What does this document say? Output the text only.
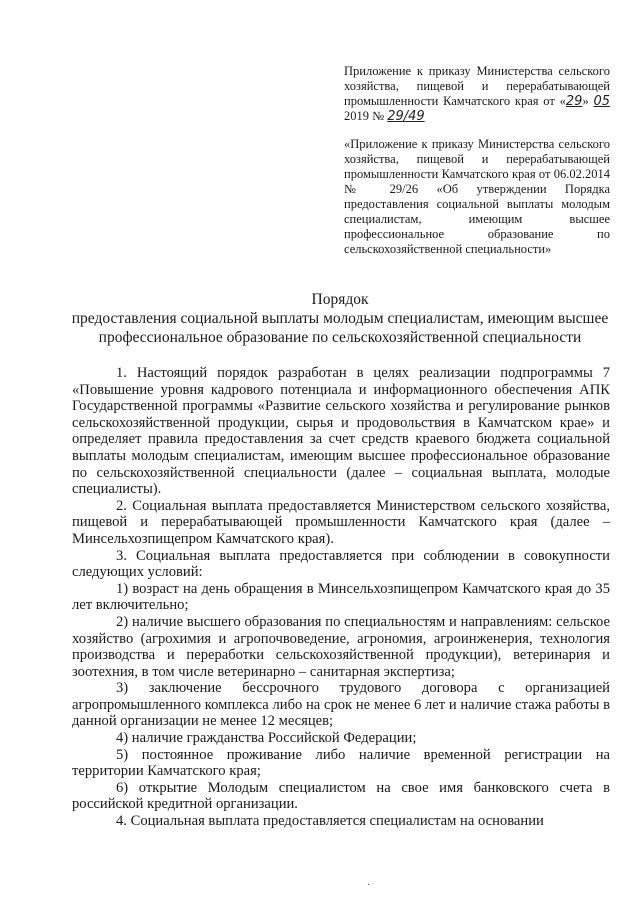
Приложение к приказу Министерства сельского хозяйства, пищевой и перерабатывающей промышленности Камчатского края от «29» 05 2019 № 29/49

«Приложение к приказу Министерства сельского хозяйства, пищевой и перерабатывающей промышленности Камчатского края от 06.02.2014 № 29/26 «Об утверждении Порядка предоставления социальной выплаты молодым специалистам, имеющим высшее профессиональное образование по сельскохозяйственной специальности»

Порядок

предоставления социальной выплаты молодым специалистам, имеющим высшее профессиональное образование по сельскохозяйственной специальности

1. Настоящий порядок разработан в целях реализации подпрограммы 7 «Повышение уровня кадрового потенциала и информационного обеспечения АПК Государственной программы «Развитие сельского хозяйства и регулирование рынков сельскохозяйственной продукции, сырья и продовольствия в Камчатском крае» и определяет правила предоставления за счет средств краевого бюджета социальной выплаты молодым специалистам, имеющим высшее профессиональное образование по сельскохозяйственной специальности (далее – социальная выплата, молодые специалисты).

2. Социальная выплата предоставляется Министерством сельского хозяйства, пищевой и перерабатывающей промышленности Камчатского края (далее – Минсельхозпищепром Камчатского края).

3. Социальная выплата предоставляется при соблюдении в совокупности следующих условий:

1) возраст на день обращения в Минсельхозпищепром Камчатского края до 35 лет включительно;

2) наличие высшего образования по специальностям и направлениям: сельское хозяйство (агрохимия и агропочвоведение, агрономия, агроинженерия, технология производства и переработки сельскохозяйственной продукции), ветеринария и зоотехния, в том числе ветеринарно – санитарная экспертиза;

3) заключение бессрочного трудового договора с организацией агропромышленного комплекса либо на срок не менее 6 лет и наличие стажа работы в данной организации не менее 12 месяцев;

4) наличие гражданства Российской Федерации;

5) постоянное проживание либо наличие временной регистрации на территории Камчатского края;

6) открытие Молодым специалистом на свое имя банковского счета в российской кредитной организации.

4. Социальная выплата предоставляется специалистам на основании

·
